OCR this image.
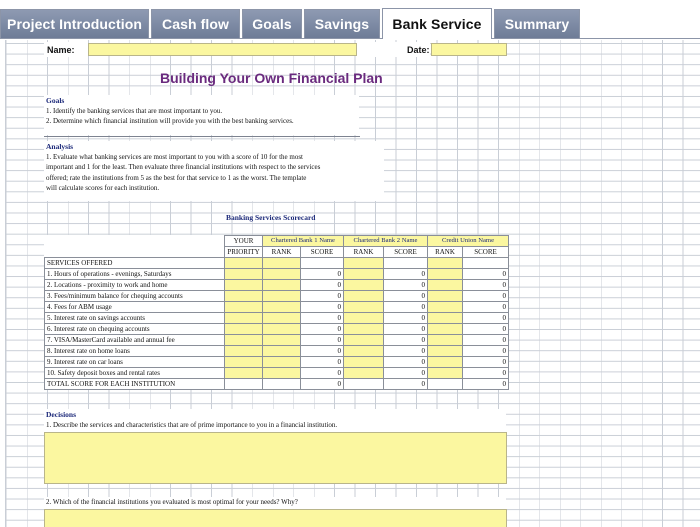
Project Introduction	Cash flow	Goals	Savings	Bank Service	Summary
Name:	Date:
Building Your Own Financial Plan
Goals
1. Identify the banking services that are most important to you.
2. Determine which financial institution will provide you with the best banking services.
Analysis
1. Evaluate what banking services are most important to you with a score of 10 for the most
important and 1 for the least. Then evaluate three financial institutions with respect to the services
offered; rate the institutions from 5 as the best for that service to 1 as the worst. The template
will calculate scores for each institution.
Banking Services Scorecard
	YOUR	Chartered Bank 1 Name		Chartered Bank 2 Name		Credit Union Name	
	PRIORITY	RANK	SCORE	RANK	SCORE	RANK	SCORE
SERVICES OFFERED							
1. Hours of operations - evenings, Saturdays			0		0		0
2. Locations - proximity to work and home			0		0		0
3. Fees/minimum balance for chequing accounts			0		0		0
4. Fees for ABM usage			0		0		0
5. Interest rate on savings accounts			0		0		0
6. Interest rate on chequing accounts			0		0		0
7. VISA/MasterCard available and annual fee			0		0		0
8. Interest rate on home loans			0		0		0
9. Interest rate on car loans			0		0		0
10. Safety deposit boxes and rental rates			0		0		0
TOTAL SCORE FOR EACH INSTITUTION			0		0		0
Decisions
1. Describe the services and characteristics that are of prime importance to you in a financial institution.
2. Which of the financial institutions you evaluated is most optimal for your needs? Why?
